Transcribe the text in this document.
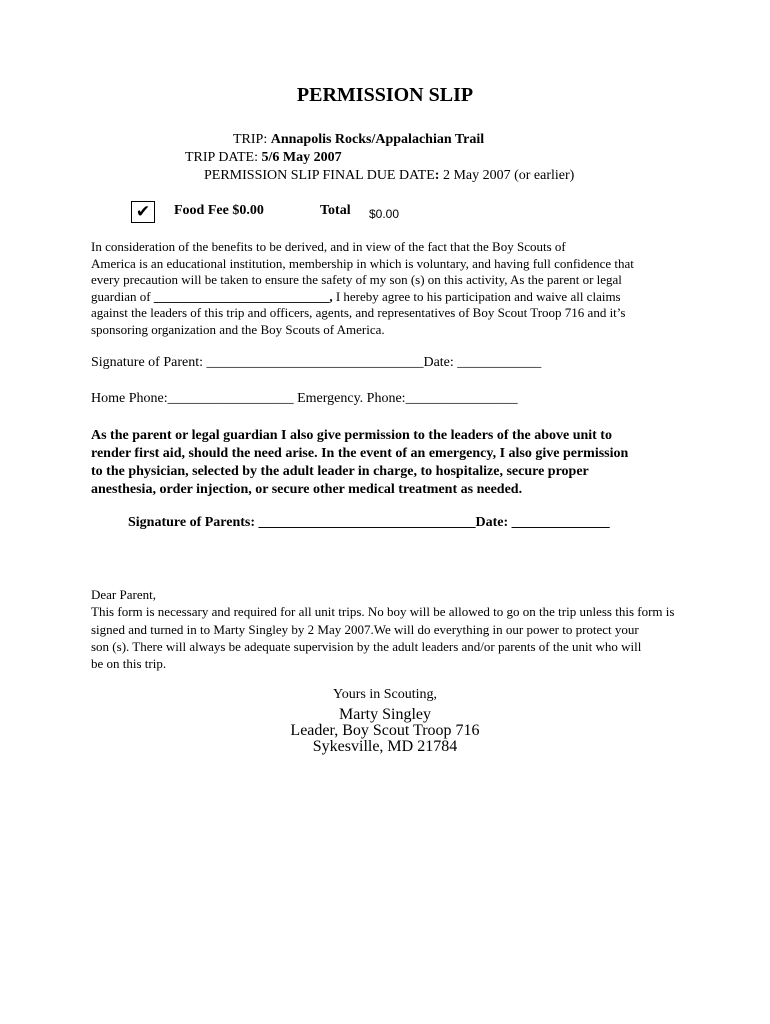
PERMISSION SLIP
TRIP: Annapolis Rocks/Appalachian Trail
TRIP DATE: 5/6 May 2007
PERMISSION SLIP FINAL DUE DATE: 2 May 2007 (or earlier)
✔	Food Fee $0.00	Total $0.00
In consideration of the benefits to be derived, and in view of the fact that the Boy Scouts of
America is an educational institution, membership in which is voluntary, and having full confidence that
every precaution will be taken to ensure the safety of my son (s) on this activity, As the parent or legal
guardian of ___________________________, I hereby agree to his participation and waive all claims
against the leaders of this trip and officers, agents, and representatives of Boy Scout Troop 716 and it’s
sponsoring organization and the Boy Scouts of America.
Signature of Parent: _______________________________Date: ____________
Home Phone:__________________ Emergency. Phone:________________
As the parent or legal guardian I also give permission to the leaders of the above unit to
render first aid, should the need arise. In the event of an emergency, I also give permission
to the physician, selected by the adult leader in charge, to hospitalize, secure proper
anesthesia, order injection, or secure other medical treatment as needed.
Signature of Parents: _______________________________Date: ______________
Dear Parent,
This form is necessary and required for all unit trips. No boy will be allowed to go on the trip unless this form is
signed and turned in to Marty Singley by 2 May 2007.We will do everything in our power to protect your
son (s). There will always be adequate supervision by the adult leaders and/or parents of the unit who will
be on this trip.
Yours in Scouting,
Marty Singley
Leader, Boy Scout Troop 716
Sykesville, MD 21784
